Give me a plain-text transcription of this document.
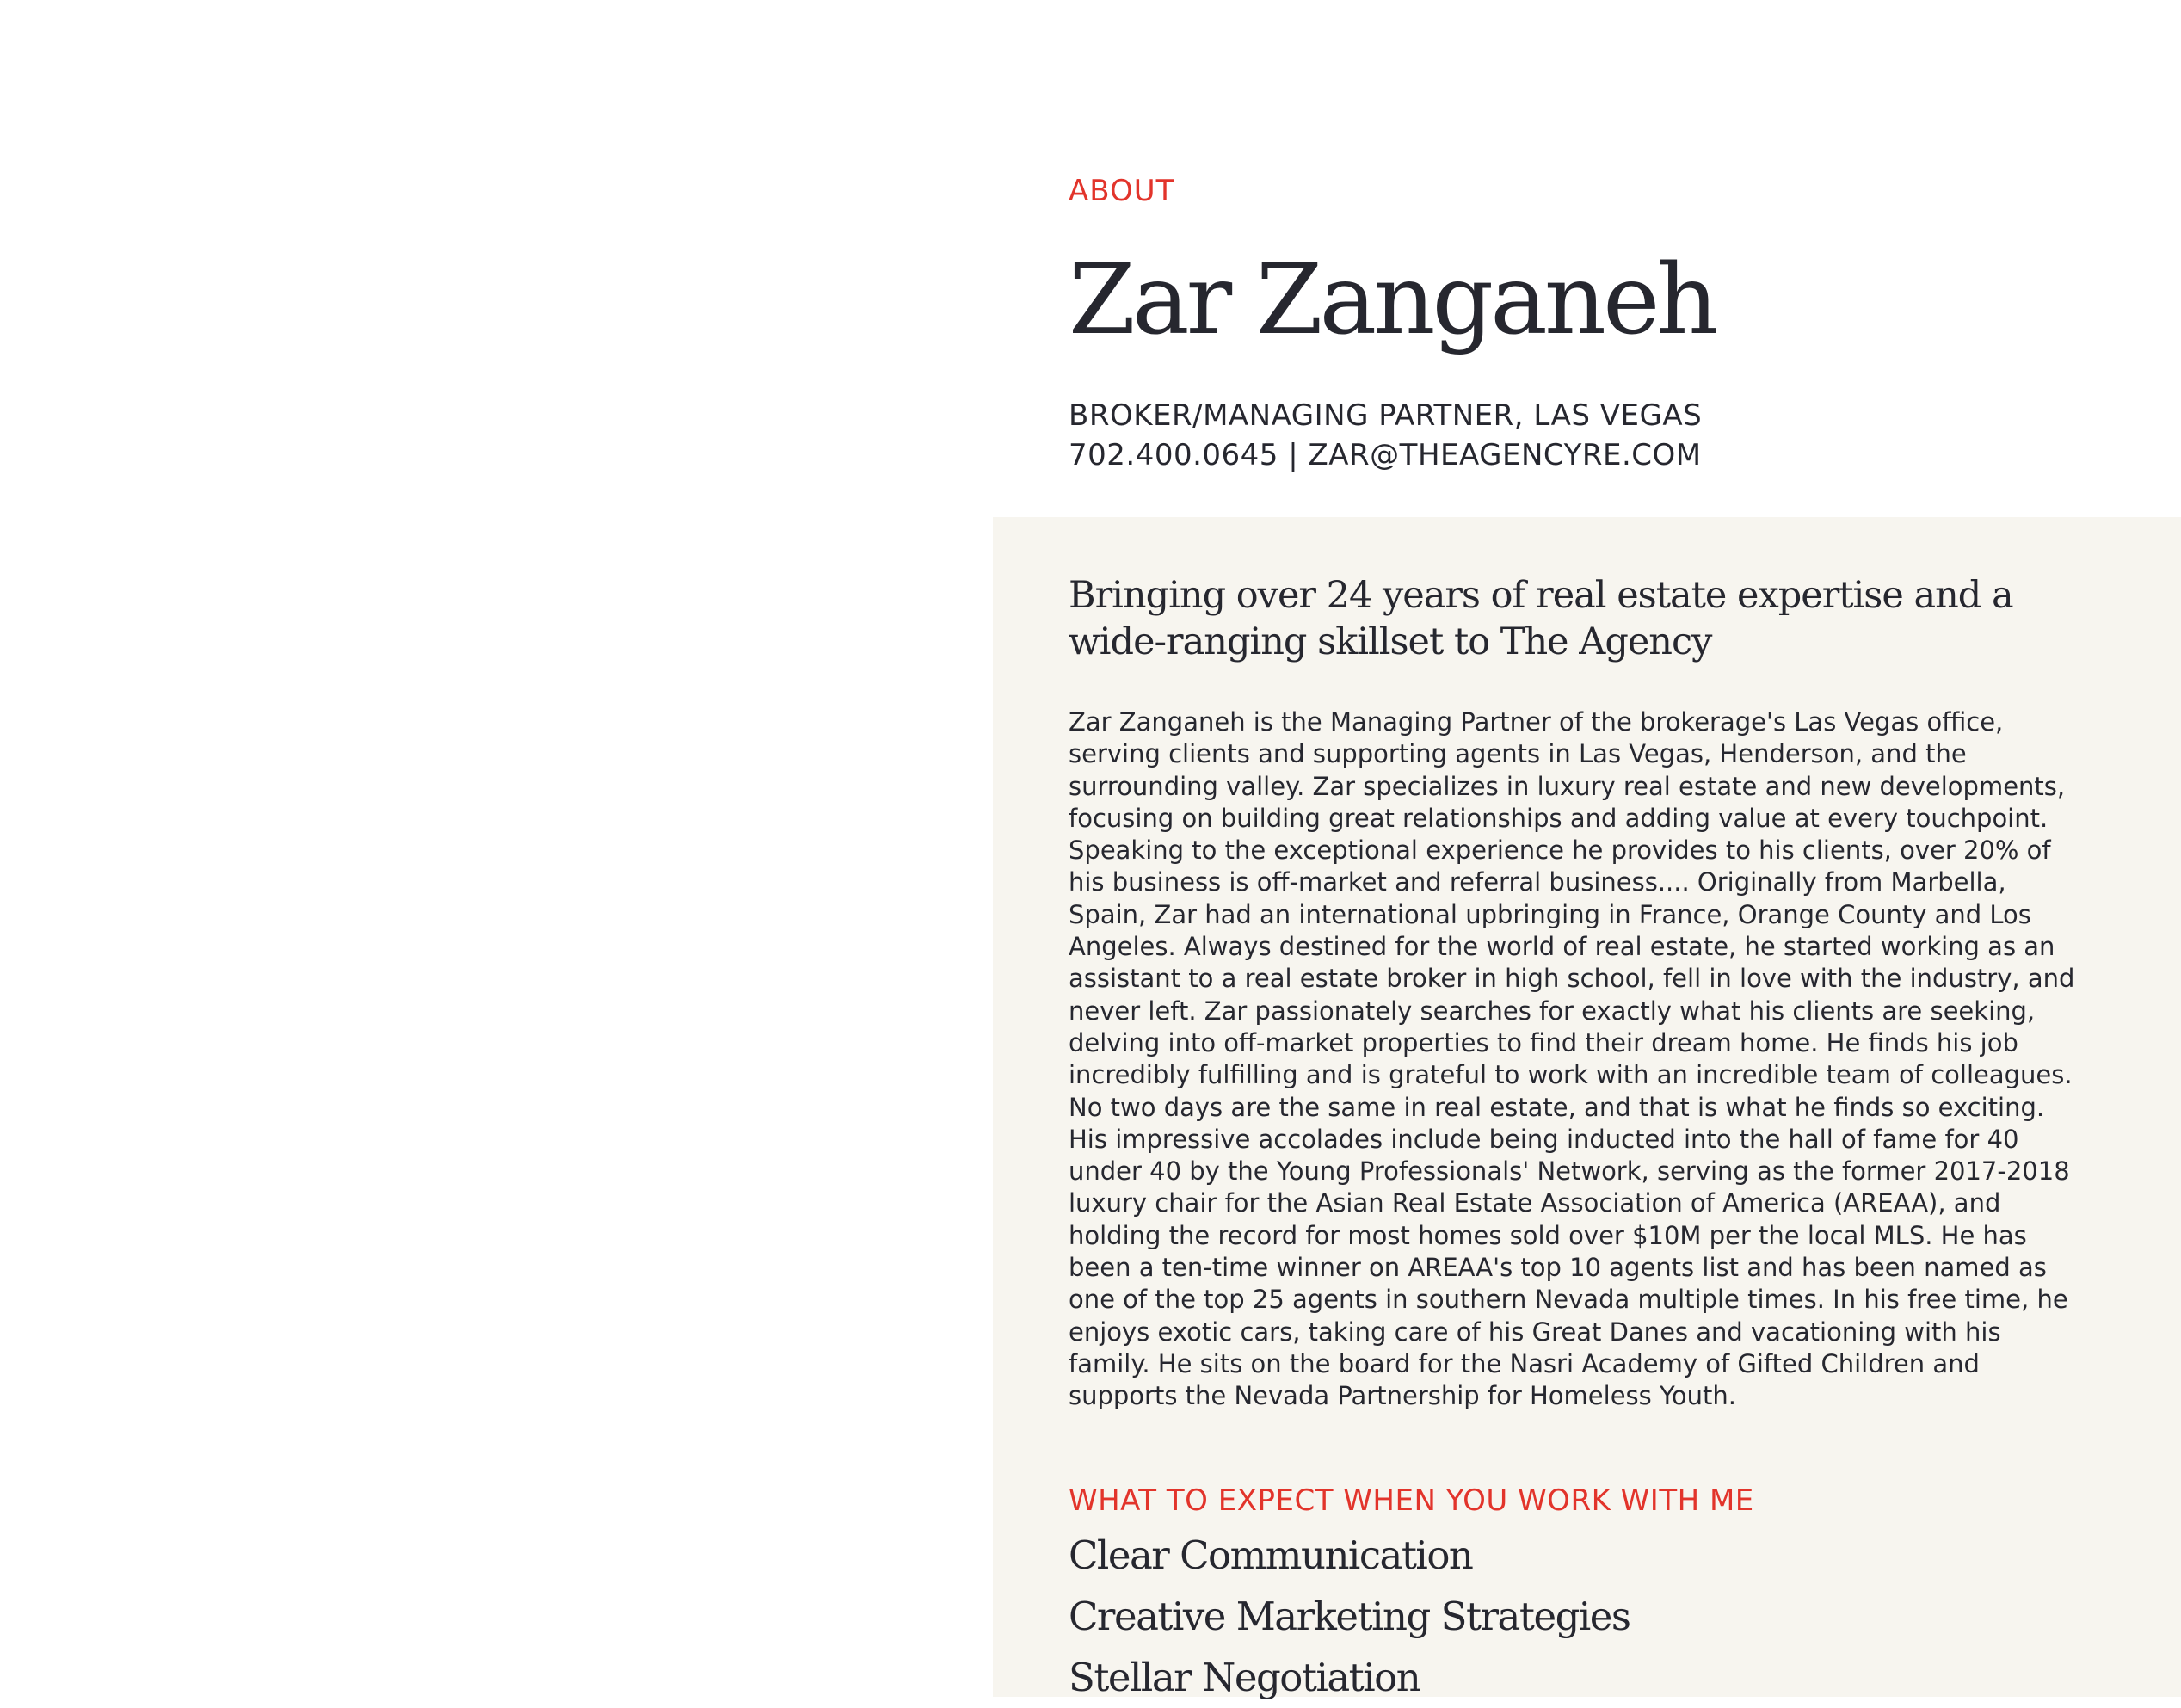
ABOUT

Zar Zanganeh
BROKER/MANAGING PARTNER, LAS VEGAS
702.400.0645 | ZAR@THEAGENCYRE.COM
Bringing over 24 years of real estate expertise and a wide-ranging skillset to The Agency

Zar Zanganeh is the Managing Partner of the brokerage's Las Vegas office, serving clients and supporting agents in Las Vegas, Henderson, and the surrounding valley. Zar specializes in luxury real estate and new developments, focusing on building great relationships and adding value at every touchpoint. Speaking to the exceptional experience he provides to his clients, over 20% of his business is off-market and referral business.... Originally from Marbella, Spain, Zar had an international upbringing in France, Orange County and Los Angeles. Always destined for the world of real estate, he started working as an assistant to a real estate broker in high school, fell in love with the industry, and never left. Zar passionately searches for exactly what his clients are seeking, delving into off-market properties to find their dream home. He finds his job incredibly fulfilling and is grateful to work with an incredible team of colleagues. No two days are the same in real estate, and that is what he finds so exciting. His impressive accolades include being inducted into the hall of fame for 40 under 40 by the Young Professionals' Network, serving as the former 2017-2018 luxury chair for the Asian Real Estate Association of America (AREAA), and holding the record for most homes sold over $10M per the local MLS. He has been a ten-time winner on AREAA's top 10 agents list and has been named as one of the top 25 agents in southern Nevada multiple times. In his free time, he enjoys exotic cars, taking care of his Great Danes and vacationing with his family. He sits on the board for the Nasri Academy of Gifted Children and supports the Nevada Partnership for Homeless Youth.

WHAT TO EXPECT WHEN YOU WORK WITH ME
Clear Communication
Creative Marketing Strategies
Stellar Negotiation
